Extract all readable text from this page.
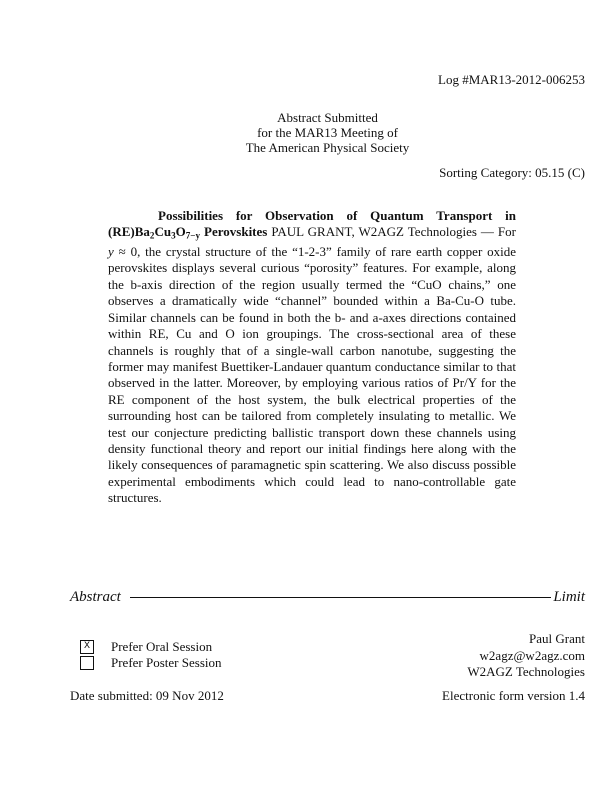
Log #MAR13-2012-006253
Abstract Submitted
for the MAR13 Meeting of
The American Physical Society
Sorting Category: 05.15 (C)

Possibilities for Observation of Quantum Transport in (RE)Ba2Cu3O7−y Perovskites PAUL GRANT, W2AGZ Technologies — For y ≈ 0, the crystal structure of the “1-2-3” family of rare earth copper oxide perovskites displays several curious “porosity” features. For example, along the b-axis direction of the region usually termed the “CuO chains,” one observes a dramatically wide “channel” bounded within a Ba-Cu-O tube. Similar channels can be found in both the b- and a-axes directions contained within RE, Cu and O ion groupings. The cross-sectional area of these channels is roughly that of a single-wall carbon nanotube, suggesting the former may manifest Buettiker-Landauer quantum conductance similar to that observed in the latter. Moreover, by employing various ratios of Pr/Y for the RE component of the host system, the bulk electrical properties of the surrounding host can be tailored from completely insulating to metallic. We test our conjecture predicting ballistic transport down these channels using density functional theory and report our initial findings here along with the likely consequences of paramagnetic spin scattering. We also discuss possible experimental embodiments which could lead to nano-controllable gate structures.

Abstract	Limit
X Prefer Oral Session
Prefer Poster Session
Paul Grant
w2agz@w2agz.com
W2AGZ Technologies
Date submitted: 09 Nov 2012	Electronic form version 1.4
